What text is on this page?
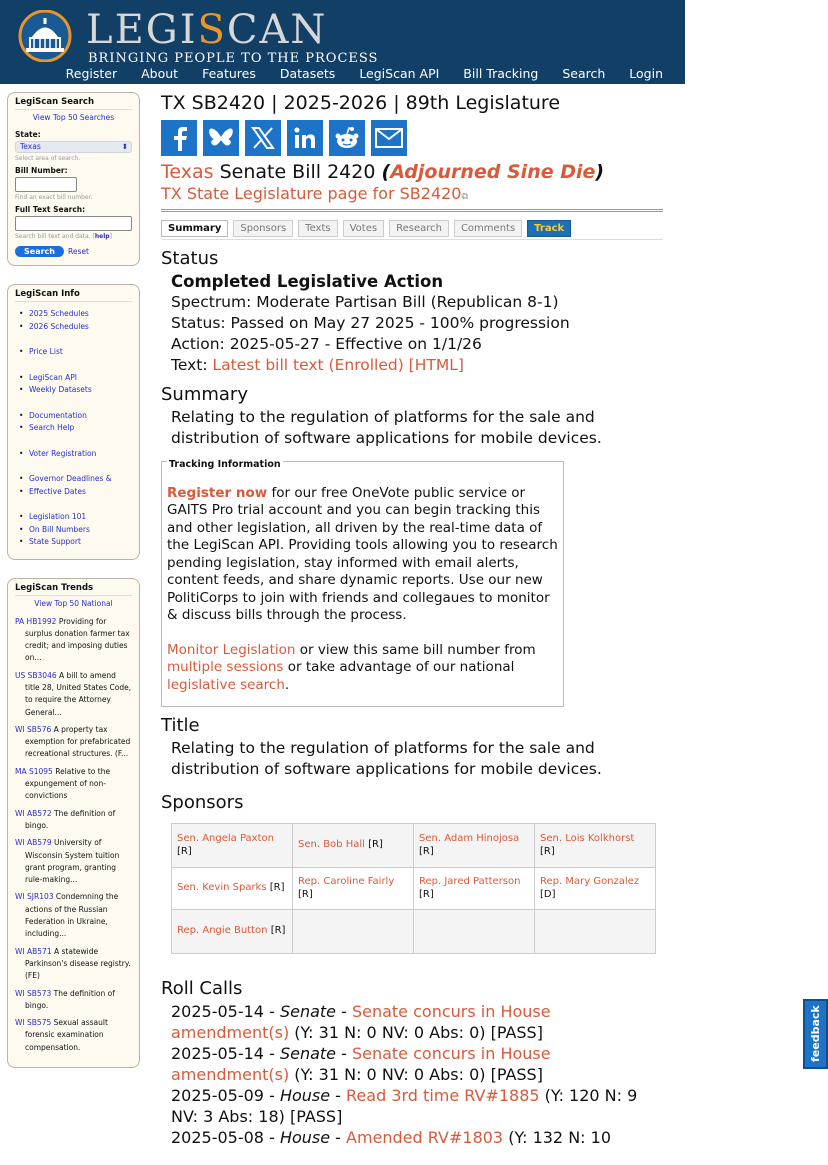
LEGISCAN
BRINGING PEOPLE TO THE PROCESS
Register	About	Features	Datasets	LegiScan API	Bill Tracking	Search	Login
LegiScan Search
View Top 50 Searches
State:
Texas	⬍
Select area of search.
Bill Number:
Find an exact bill number.
Full Text Search:
Search bill text and data. [help]
Search	Reset
LegiScan Info
• 2025 Schedules
• 2026 Schedules
• Price List
• LegiScan API
• Weekly Datasets
• Documentation
• Search Help
• Voter Registration
• Governor Deadlines &
• Effective Dates
• Legislation 101
• On Bill Numbers
• State Support
LegiScan Trends
View Top 50 National
PA HB1992 Providing for surplus donation farmer tax credit; and imposing duties on...
US SB3046 A bill to amend title 28, United States Code, to require the Attorney General...
WI SB576 A property tax exemption for prefabricated recreational structures. (F...
MA S1095 Relative to the expungement of non-convictions
WI AB572 The definition of bingo.
WI AB579 University of Wisconsin System tuition grant program, granting rule-making...
WI SJR103 Condemning the actions of the Russian Federation in Ukraine, including...
WI AB571 A statewide Parkinson's disease registry. (FE)
WI SB573 The definition of bingo.
WI SB575 Sexual assault forensic examination compensation.
TX SB2420 | 2025-2026 | 89th Legislature
Texas Senate Bill 2420 (Adjourned Sine Die)
TX State Legislature page for SB2420⧉
Summary	Sponsors	Texts	Votes	Research	Comments	Track
Status
Completed Legislative Action
Spectrum: Moderate Partisan Bill (Republican 8-1)
Status: Passed on May 27 2025 - 100% progression
Action: 2025-05-27 - Effective on 1/1/26
Text: Latest bill text (Enrolled) [HTML]
Summary
Relating to the regulation of platforms for the sale and distribution of software applications for mobile devices.
$^{Tracking Information}$

Register now for our free OneVote public service or GAITS Pro trial account and you can begin tracking this and other legislation, all driven by the real-time data of the LegiScan API. Providing tools allowing you to research pending legislation, stay informed with email alerts, content feeds, and share dynamic reports. Use our new PolitiCorps to join with friends and collegaues to monitor & discuss bills through the process.

Monitor Legislation or view this same bill number from multiple sessions or take advantage of our national legislative search.

Title
Relating to the regulation of platforms for the sale and distribution of software applications for mobile devices.
Sponsors
Sen. Angela Paxton [R]	Sen. Bob Hall [R]	Sen. Adam Hinojosa [R]	Sen. Lois Kolkhorst [R]
Sen. Kevin Sparks [R]	Rep. Caroline Fairly [R]	Rep. Jared Patterson [R]	Rep. Mary Gonzalez [D]
Rep. Angie Button [R]			
Roll Calls
2025-05-14 - Senate - Senate concurs in House amendment(s) (Y: 31 N: 0 NV: 0 Abs: 0) [PASS]
2025-05-14 - Senate - Senate concurs in House amendment(s) (Y: 31 N: 0 NV: 0 Abs: 0) [PASS]
2025-05-09 - House - Read 3rd time RV#1885 (Y: 120 N: 9 NV: 3 Abs: 18) [PASS]
2025-05-08 - House - Amended RV#1803 (Y: 132 N: 10
feedback
